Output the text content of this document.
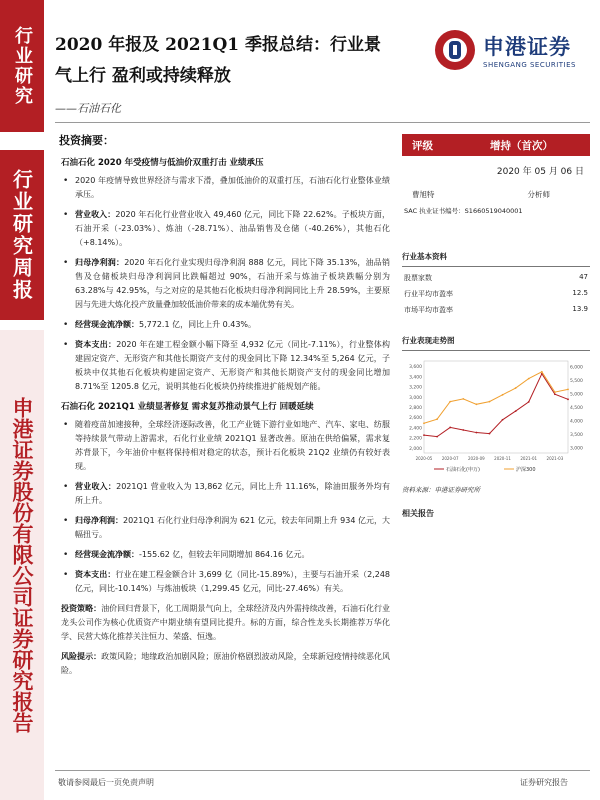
行业研究
行业研究周报
申港证券股份有限公司证券研究报告
2020 年报及 2021Q1 季报总结：行业景气上行 盈利或持续释放
——石油石化
申港证券
SHENGANG SECURITIES
投资摘要：
石油石化 2020 年受疫情与低油价双重打击 业绩承压
• 2020 年疫情导致世界经济与需求下滑，叠加低油价的双重打压，石油石化行业整体业绩承压。
• 营业收入：2020 年石化行业营业收入 49,460 亿元，同比下降 22.62%。子板块方面，石油开采（-23.03%）、炼油（-28.71%）、油品销售及仓储（-40.26%），其他石化（+8.14%）。
• 归母净利润：2020 年石化行业实现归母净利润 888 亿元，同比下降 35.13%，油品销售及仓储板块归母净利润同比跌幅超过 90%，石油开采与炼油子板块跌幅分别为 63.28%与 42.95%，与之对应的是其他石化板块归母净利润同比上升 28.59%，主要原因与先进大炼化投产放量叠加较低油价带来的成本端优势有关。
• 经营现金流净额：5,772.1 亿，同比上升 0.43%。
• 资本支出：2020 年在建工程金额小幅下降至 4,932 亿元（同比-7.11%），行业整体构建固定资产、无形资产和其他长期资产支付的现金同比下降 12.34%至 5,264 亿元，子板块中仅其他石化板块构建固定资产、无形资产和其他长期资产支付的现金同比增加 8.71%至 1205.8 亿元，说明其他石化板块仍持续推进扩能规划产能。
石油石化 2021Q1 业绩显著修复 需求复苏推动景气上行 回暖延续
• 随着疫苗加速接种，全球经济逐际改善，化工产业链下游行业如地产、汽车、家电、纺服等持续景气带动上游需求，石化行业业绩 2021Q1 显著改善。原油在供给偏紧，需求复苏背景下，今年油价中枢将保持相对稳定的状态，预计石化板块 21Q2 业绩仍有较好表现。
• 营业收入：2021Q1 营业收入为 13,862 亿元，同比上升 11.16%，除油田服务外均有所上升。
• 归母净利润：2021Q1 石化行业归母净利润为 621 亿元，较去年同期上升 934 亿元，大幅扭亏。
• 经营现金流净额：-155.62 亿，但较去年同期增加 864.16 亿元。
• 资本支出：行业在建工程金额合计 3,699 亿（同比-15.89%），主要与石油开采（2,248 亿元，同比-10.14%）与炼油板块（1,299.45 亿元，同比-27.46%）有关。
投资策略：油价回归背景下，化工周期景气向上，全球经济及内外需持续改善，石油石化行业龙头公司作为核心优质资产中期业绩有望同比提升。标的方面，综合性龙头长期推荐万华化学、民营大炼化推荐关注恒力、荣盛、恒逸。
风险提示：政策风险；地缘政治加剧风险；原油价格剧烈波动风险，全球新冠疫情持续恶化风险。
评级	增持（首次）
2020 年 05 月 06 日
曹旭特	分析师
SAC 执业证书编号：S1660519040001
行业基本资料
股票家数	47
行业平均市盈率	12.5
市场平均市盈率	13.9
行业表现走势图
2,000
2,200
2,400
2,600
2,800
3,000
3,200
3,400
3,600
3,000
3,500
4,000
4,500
5,000
5,500
6,000
2020-05 2020-07 2020-09 2020-11 2021-01 2021-03
石油石化(申万)	沪深300
资料来源：申港证券研究所
相关报告
敬请参阅最后一页免责声明	证券研究报告
